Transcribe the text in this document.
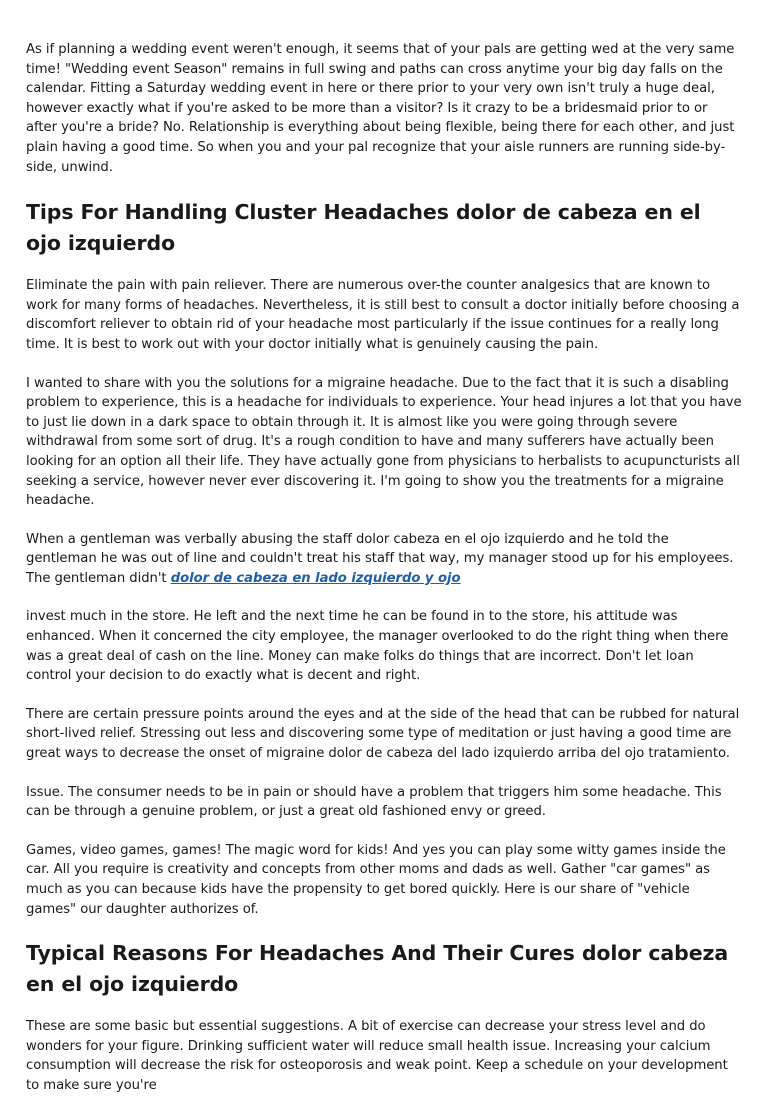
As if planning a wedding event weren't enough, it seems that of your pals are getting wed at the very same time! "Wedding event Season" remains in full swing and paths can cross anytime your big day falls on the calendar. Fitting a Saturday wedding event in here or there prior to your very own isn't truly a huge deal, however exactly what if you're asked to be more than a visitor? Is it crazy to be a bridesmaid prior to or after you're a bride? No. Relationship is everything about being flexible, being there for each other, and just plain having a good time. So when you and your pal recognize that your aisle runners are running side-by-side, unwind.

Tips For Handling Cluster Headaches dolor de cabeza en el ojo izquierdo

Eliminate the pain with pain reliever. There are numerous over-the counter analgesics that are known to work for many forms of headaches. Nevertheless, it is still best to consult a doctor initially before choosing a discomfort reliever to obtain rid of your headache most particularly if the issue continues for a really long time. It is best to work out with your doctor initially what is genuinely causing the pain.

I wanted to share with you the solutions for a migraine headache. Due to the fact that it is such a disabling problem to experience, this is a headache for individuals to experience. Your head injures a lot that you have to just lie down in a dark space to obtain through it. It is almost like you were going through severe withdrawal from some sort of drug. It's a rough condition to have and many sufferers have actually been looking for an option all their life. They have actually gone from physicians to herbalists to acupuncturists all seeking a service, however never ever discovering it. I'm going to show you the treatments for a migraine headache.

When a gentleman was verbally abusing the staff dolor cabeza en el ojo izquierdo and he told the gentleman he was out of line and couldn't treat his staff that way, my manager stood up for his employees. The gentleman didn't dolor de cabeza en lado izquierdo y ojo

invest much in the store. He left and the next time he can be found in to the store, his attitude was enhanced. When it concerned the city employee, the manager overlooked to do the right thing when there was a great deal of cash on the line. Money can make folks do things that are incorrect. Don't let loan control your decision to do exactly what is decent and right.

There are certain pressure points around the eyes and at the side of the head that can be rubbed for natural short-lived relief. Stressing out less and discovering some type of meditation or just having a good time are great ways to decrease the onset of migraine dolor de cabeza del lado izquierdo arriba del ojo tratamiento.

Issue. The consumer needs to be in pain or should have a problem that triggers him some headache. This can be through a genuine problem, or just a great old fashioned envy or greed.

Games, video games, games! The magic word for kids! And yes you can play some witty games inside the car. All you require is creativity and concepts from other moms and dads as well. Gather "car games" as much as you can because kids have the propensity to get bored quickly. Here is our share of "vehicle games" our daughter authorizes of.

Typical Reasons For Headaches And Their Cures dolor cabeza en el ojo izquierdo

These are some basic but essential suggestions. A bit of exercise can decrease your stress level and do wonders for your figure. Drinking sufficient water will reduce small health issue. Increasing your calcium consumption will decrease the risk for osteoporosis and weak point. Keep a schedule on your development to make sure you're
